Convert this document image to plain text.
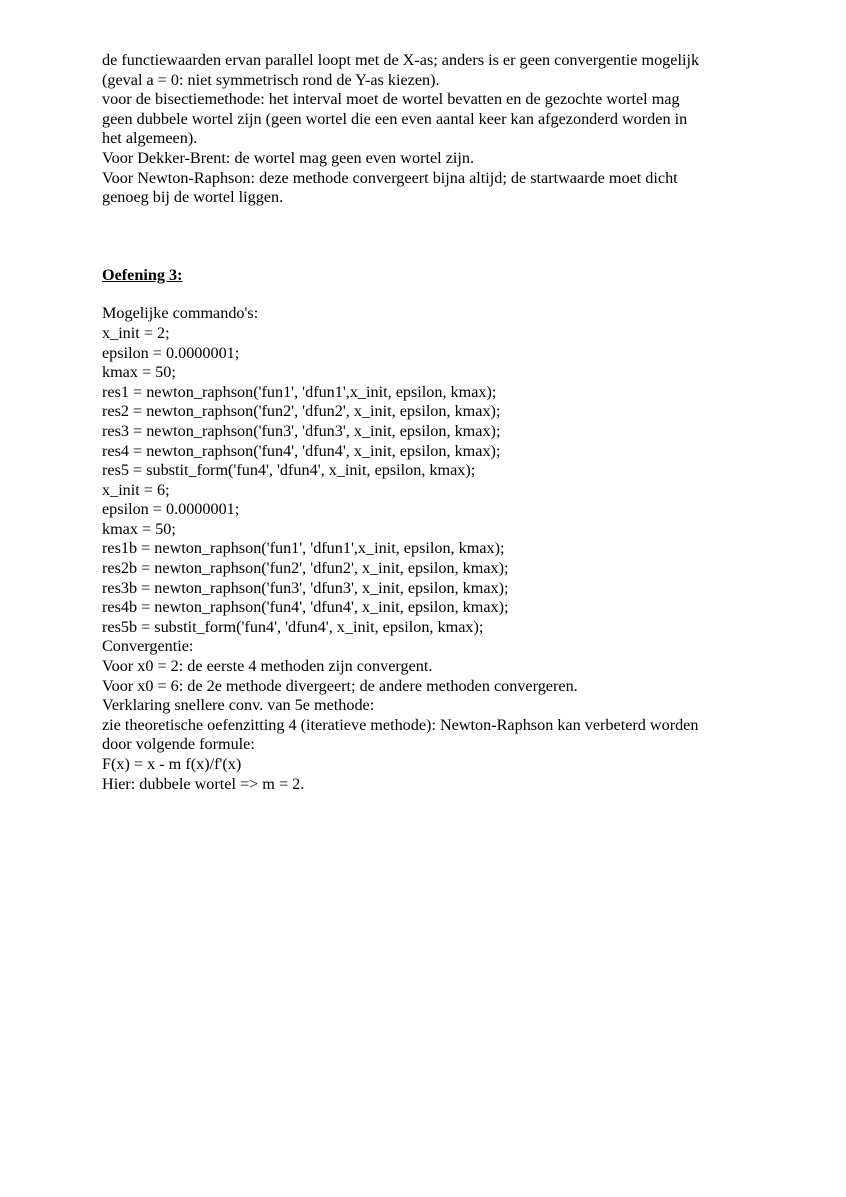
de functiewaarden ervan parallel loopt met de X-as; anders is er geen convergentie mogelijk
(geval a = 0: niet symmetrisch rond de Y-as kiezen).
voor de bisectiemethode: het interval moet de wortel bevatten en de gezochte wortel mag
geen dubbele wortel zijn (geen wortel die een even aantal keer kan afgezonderd worden in
het algemeen).
Voor Dekker-Brent: de wortel mag geen even wortel zijn.
Voor Newton-Raphson: deze methode convergeert bijna altijd; de startwaarde moet dicht
genoeg bij de wortel liggen.
Oefening 3:
Mogelijke commando's:
x_init = 2;
epsilon = 0.0000001;
kmax = 50;
res1 = newton_raphson('fun1', 'dfun1',x_init, epsilon, kmax);
res2 = newton_raphson('fun2', 'dfun2', x_init, epsilon, kmax);
res3 = newton_raphson('fun3', 'dfun3', x_init, epsilon, kmax);
res4 = newton_raphson('fun4', 'dfun4', x_init, epsilon, kmax);
res5 = substit_form('fun4', 'dfun4', x_init, epsilon, kmax);
x_init = 6;
epsilon = 0.0000001;
kmax = 50;
res1b = newton_raphson('fun1', 'dfun1',x_init, epsilon, kmax);
res2b = newton_raphson('fun2', 'dfun2', x_init, epsilon, kmax);
res3b = newton_raphson('fun3', 'dfun3', x_init, epsilon, kmax);
res4b = newton_raphson('fun4', 'dfun4', x_init, epsilon, kmax);
res5b = substit_form('fun4', 'dfun4', x_init, epsilon, kmax);
Convergentie:
Voor x0 = 2: de eerste 4 methoden zijn convergent.
Voor x0 = 6: de 2e methode divergeert; de andere methoden convergeren.
Verklaring snellere conv. van 5e methode:
zie theoretische oefenzitting 4 (iteratieve methode): Newton-Raphson kan verbeterd worden
door volgende formule:
F(x) = x - m f(x)/f'(x)
Hier: dubbele wortel => m = 2.
